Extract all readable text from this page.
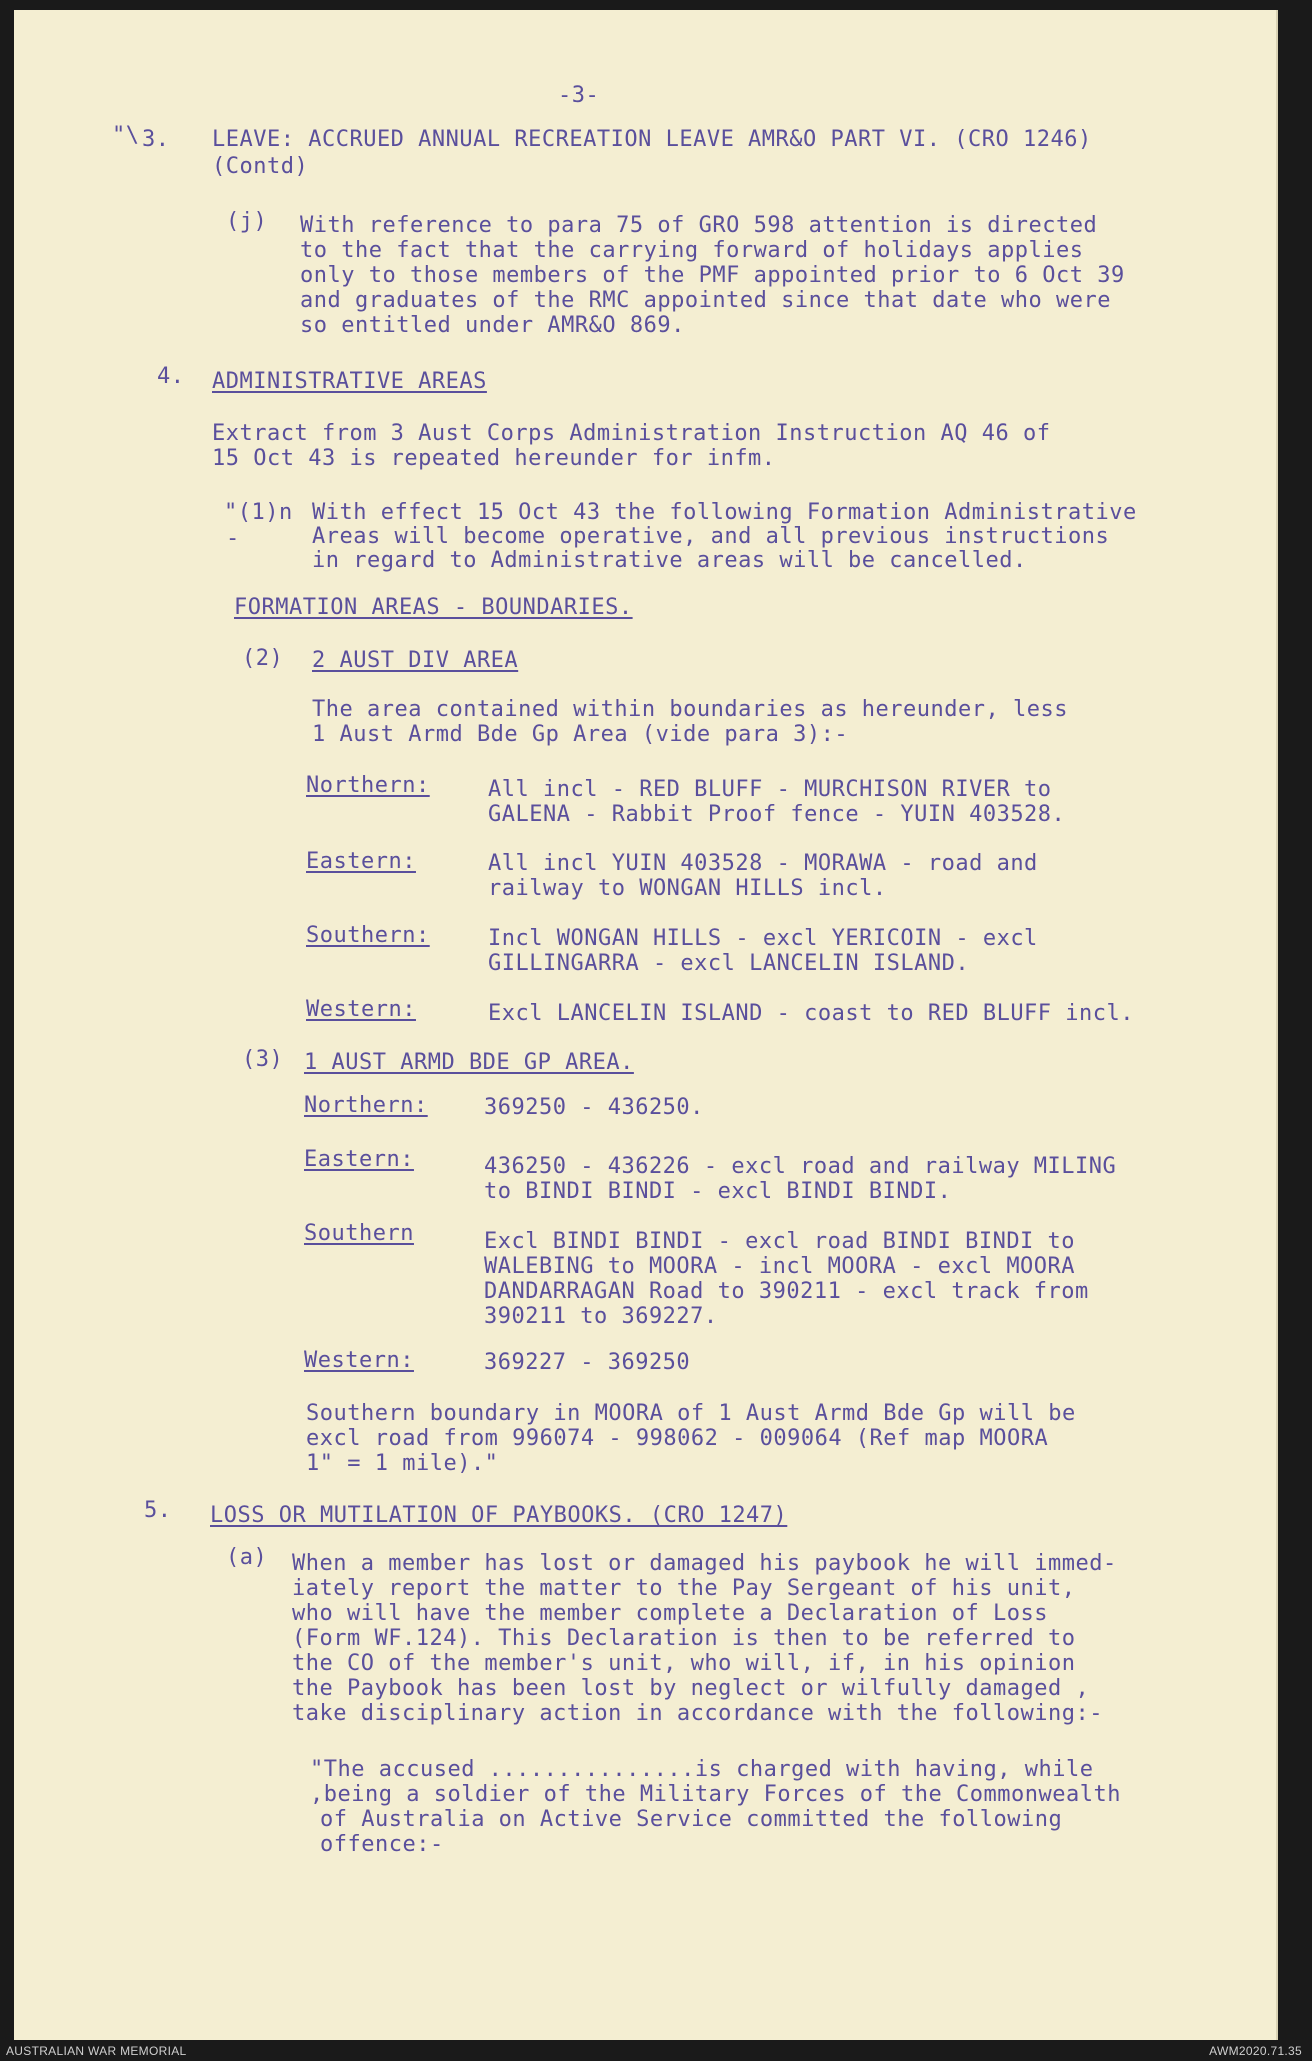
-3-
"\ 3. LEAVE: ACCRUED ANNUAL RECREATION LEAVE AMR&O PART VI. (CRO 1246)
(Contd)
(j) With reference to para 75 of GRO 598 attention is directed
to the fact that the carrying forward of holidays applies
only to those members of the PMF appointed prior to 6 Oct 39
and graduates of the RMC appointed since that date who were
so entitled under AMR&O 869.
4. ADMINISTRATIVE AREAS
Extract from 3 Aust Corps Administration Instruction AQ 46 of
15 Oct 43 is repeated hereunder for infm.
"(1)n With effect 15 Oct 43 the following Formation Administrative
Areas will become operative, and all previous instructions
in regard to Administrative areas will be cancelled.
-
FORMATION AREAS - BOUNDARIES.
(2) 2 AUST DIV AREA
The area contained within boundaries as hereunder, less
1 Aust Armd Bde Gp Area (vide para 3):-
Northern:	All incl - RED BLUFF - MURCHISON RIVER to
GALENA - Rabbit Proof fence - YUIN 403528.
Eastern:	All incl YUIN 403528 - MORAWA - road and
railway to WONGAN HILLS incl.
Southern:	Incl WONGAN HILLS - excl YERICOIN - excl
GILLINGARRA - excl LANCELIN ISLAND.
Western:	Excl LANCELIN ISLAND - coast to RED BLUFF incl.
(3) 1 AUST ARMD BDE GP AREA.
Northern:	369250 - 436250.
Eastern:	436250 - 436226 - excl road and railway MILING
to BINDI BINDI - excl BINDI BINDI.
Southern	Excl BINDI BINDI - excl road BINDI BINDI to
WALEBING to MOORA - incl MOORA - excl MOORA
DANDARRAGAN Road to 390211 - excl track from
390211 to 369227.
Western:	369227 - 369250
Southern boundary in MOORA of 1 Aust Armd Bde Gp will be
excl road from 996074 - 998062 - 009064 (Ref map MOORA
1" = 1 mile)."
5. LOSS OR MUTILATION OF PAYBOOKS. (CRO 1247)
(a) When a member has lost or damaged his paybook he will immed-
iately report the matter to the Pay Sergeant of his unit,
who will have the member complete a Declaration of Loss
(Form WF.124). This Declaration is then to be referred to
the CO of the member's unit, who will, if, in his opinion
the Paybook has been lost by neglect or wilfully damaged ,
take disciplinary action in accordance with the following:-
"The accused ...............is charged with having, while
,being a soldier of the Military Forces of the Commonwealth
of Australia on Active Service committed the following
offence:-
AUSTRALIAN WAR MEMORIAL	AWM2020.71.35
